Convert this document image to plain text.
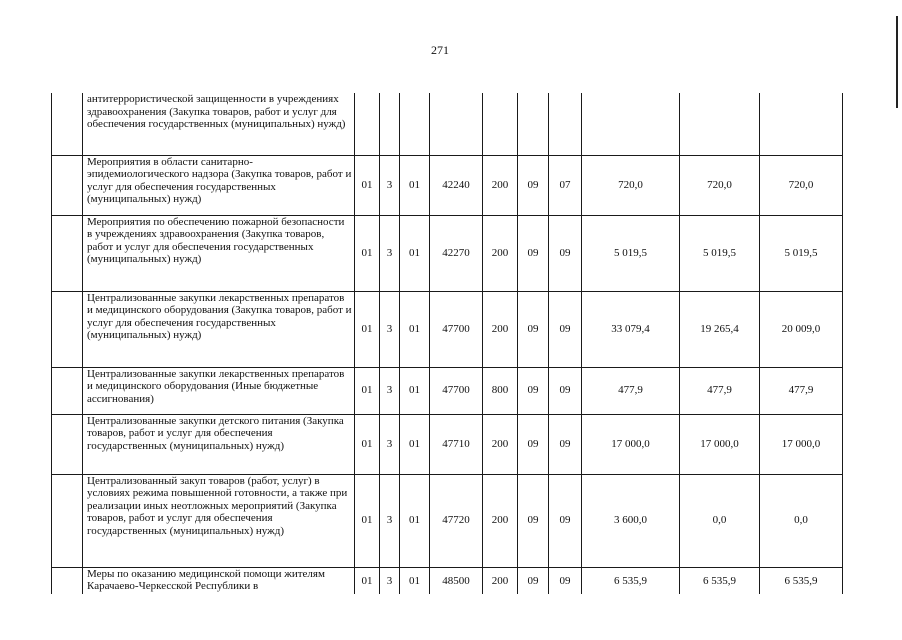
271
	антитеррористической защищенности в учреждениях здравоохранения (Закупка товаров, работ и услуг для обеспечения государственных (муниципальных) нужд)										
	Мероприятия в области санитарно-эпидемиологического надзора (Закупка товаров, работ и услуг для обеспечения государственных (муниципальных) нужд)	01	3	01	42240	200	09	07	720,0	720,0	720,0
	Мероприятия по обеспечению пожарной безопасности в учреждениях здравоохранения (Закупка товаров, работ и услуг для обеспечения государственных (муниципальных) нужд)	01	3	01	42270	200	09	09	5 019,5	5 019,5	5 019,5
	Централизованные закупки лекарственных препаратов и медицинского оборудования (Закупка товаров, работ и услуг для обеспечения государственных (муниципальных) нужд)	01	3	01	47700	200	09	09	33 079,4	19 265,4	20 009,0
	Централизованные закупки лекарственных препаратов и медицинского оборудования (Иные бюджетные ассигнования)	01	3	01	47700	800	09	09	477,9	477,9	477,9
	Централизованные закупки детского питания (Закупка товаров, работ и услуг для обеспечения государственных (муниципальных) нужд)	01	3	01	47710	200	09	09	17 000,0	17 000,0	17 000,0
	Централизованный закуп товаров (работ, услуг) в условиях режима повышенной готовности, а также при реализации иных неотложных мероприятий (Закупка товаров, работ и услуг для обеспечения государственных (муниципальных) нужд)	01	3	01	47720	200	09	09	3 600,0	0,0	0,0
	Меры по оказанию медицинской помощи жителям Карачаево-Черкесской Республики в	01	3	01	48500	200	09	09	6 535,9	6 535,9	6 535,9
